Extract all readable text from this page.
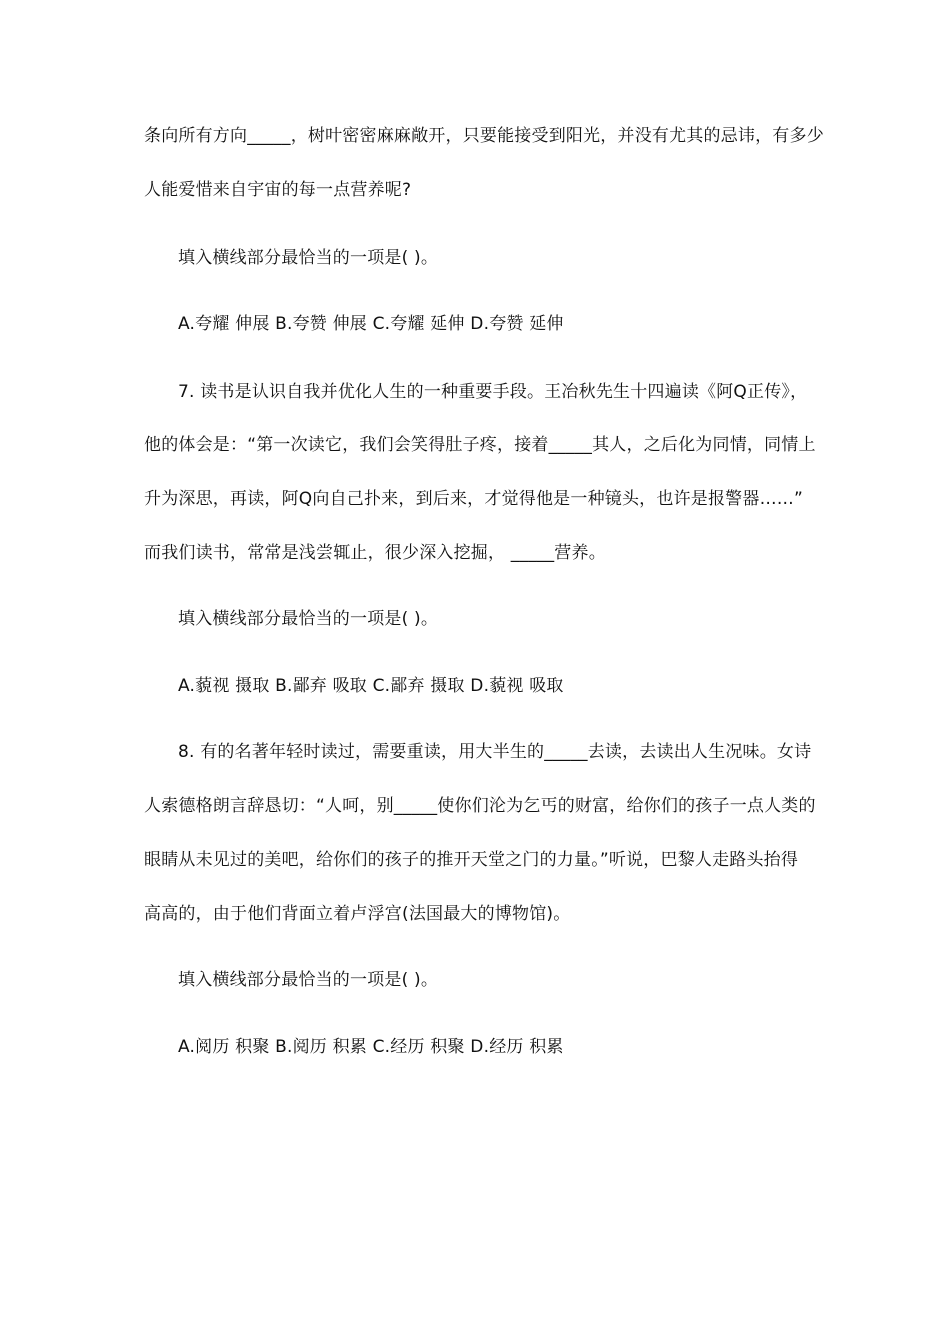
条向所有方向_____，树叶密密麻麻敞开，只要能接受到阳光，并没有尤其的忌讳，有多少
人能爱惜来自宇宙的每一点营养呢?
填入横线部分最恰当的一项是( )。
A.夸耀 伸展 B.夸赞 伸展 C.夸耀 延伸 D.夸赞 延伸
7. 读书是认识自我并优化人生的一种重要手段。王冶秋先生十四遍读《阿Q正传》，
他的体会是：“第一次读它，我们会笑得肚子疼，接着_____其人，之后化为同情，同情上
升为深思，再读，阿Q向自己扑来，到后来，才觉得他是一种镜头，也许是报警器……”
而我们读书，常常是浅尝辄止，很少深入挖掘， _____营养。
填入横线部分最恰当的一项是( )。
A.藐视 摄取 B.鄙弃 吸取 C.鄙弃 摄取 D.藐视 吸取
8. 有的名著年轻时读过，需要重读，用大半生的_____去读，去读出人生况味。女诗
人索德格朗言辞恳切：“人呵，别_____使你们沦为乞丐的财富，给你们的孩子一点人类的
眼睛从未见过的美吧，给你们的孩子的推开天堂之门的力量。”听说，巴黎人走路头抬得
高高的，由于他们背面立着卢浮宫(法国最大的博物馆)。
填入横线部分最恰当的一项是( )。
A.阅历 积聚 B.阅历 积累 C.经历 积聚 D.经历 积累
